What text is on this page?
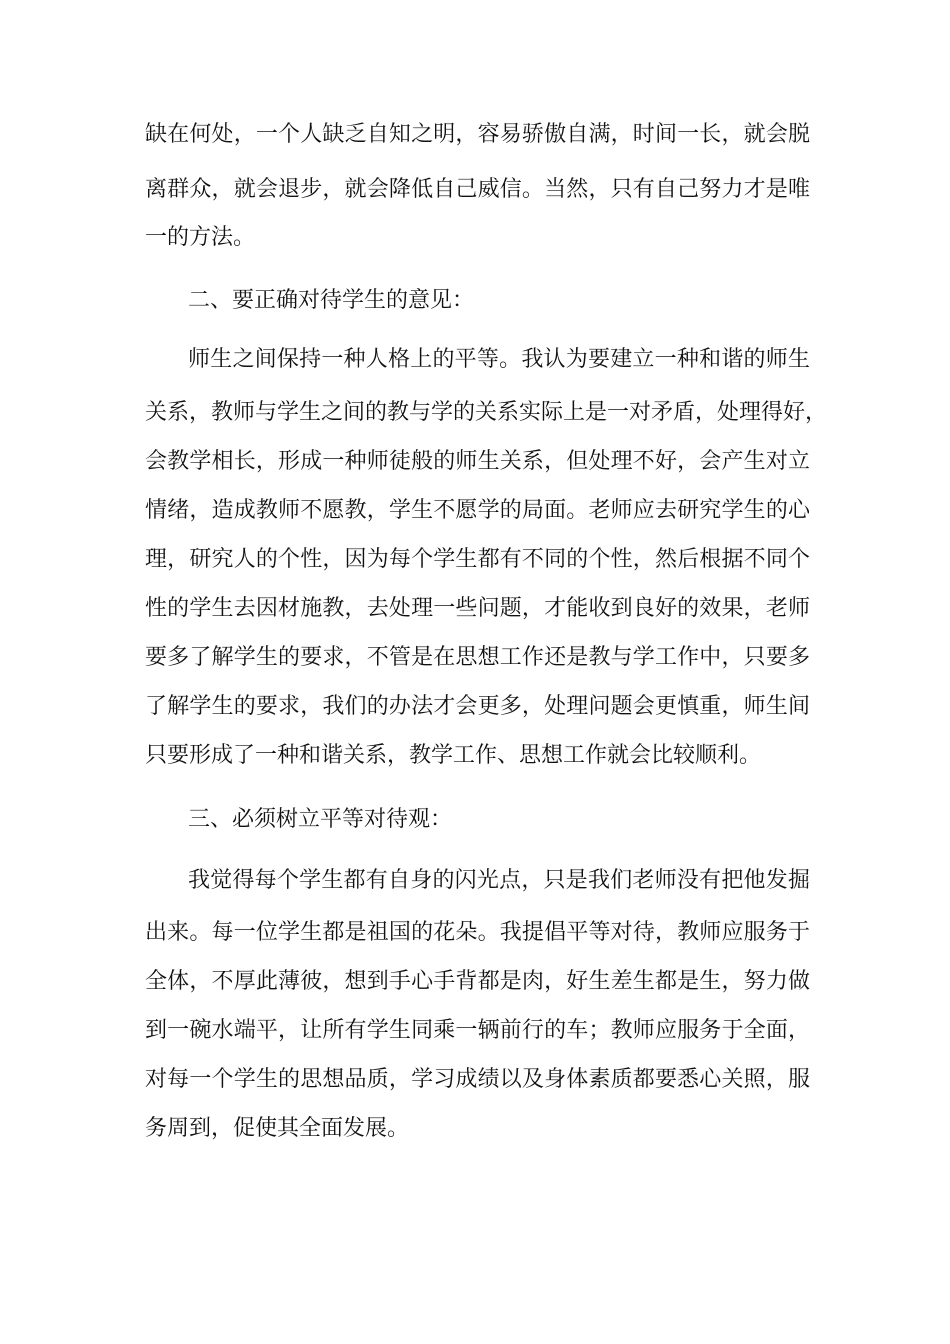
缺在何处，一个人缺乏自知之明，容易骄傲自满，时间一长，就会脱
离群众，就会退步，就会降低自己威信。当然，只有自己努力才是唯
一的方法。
二、要正确对待学生的意见：
师生之间保持一种人格上的平等。我认为要建立一种和谐的师生
关系，教师与学生之间的教与学的关系实际上是一对矛盾，处理得好，
会教学相长，形成一种师徒般的师生关系，但处理不好，会产生对立
情绪，造成教师不愿教，学生不愿学的局面。老师应去研究学生的心
理，研究人的个性，因为每个学生都有不同的个性，然后根据不同个
性的学生去因材施教，去处理一些问题，才能收到良好的效果，老师
要多了解学生的要求，不管是在思想工作还是教与学工作中，只要多
了解学生的要求，我们的办法才会更多，处理问题会更慎重，师生间
只要形成了一种和谐关系，教学工作、思想工作就会比较顺利。
三、必须树立平等对待观：
我觉得每个学生都有自身的闪光点，只是我们老师没有把他发掘
出来。每一位学生都是祖国的花朵。我提倡平等对待，教师应服务于
全体，不厚此薄彼，想到手心手背都是肉，好生差生都是生，努力做
到一碗水端平，让所有学生同乘一辆前行的车；教师应服务于全面，
对每一个学生的思想品质，学习成绩以及身体素质都要悉心关照，服
务周到，促使其全面发展。
